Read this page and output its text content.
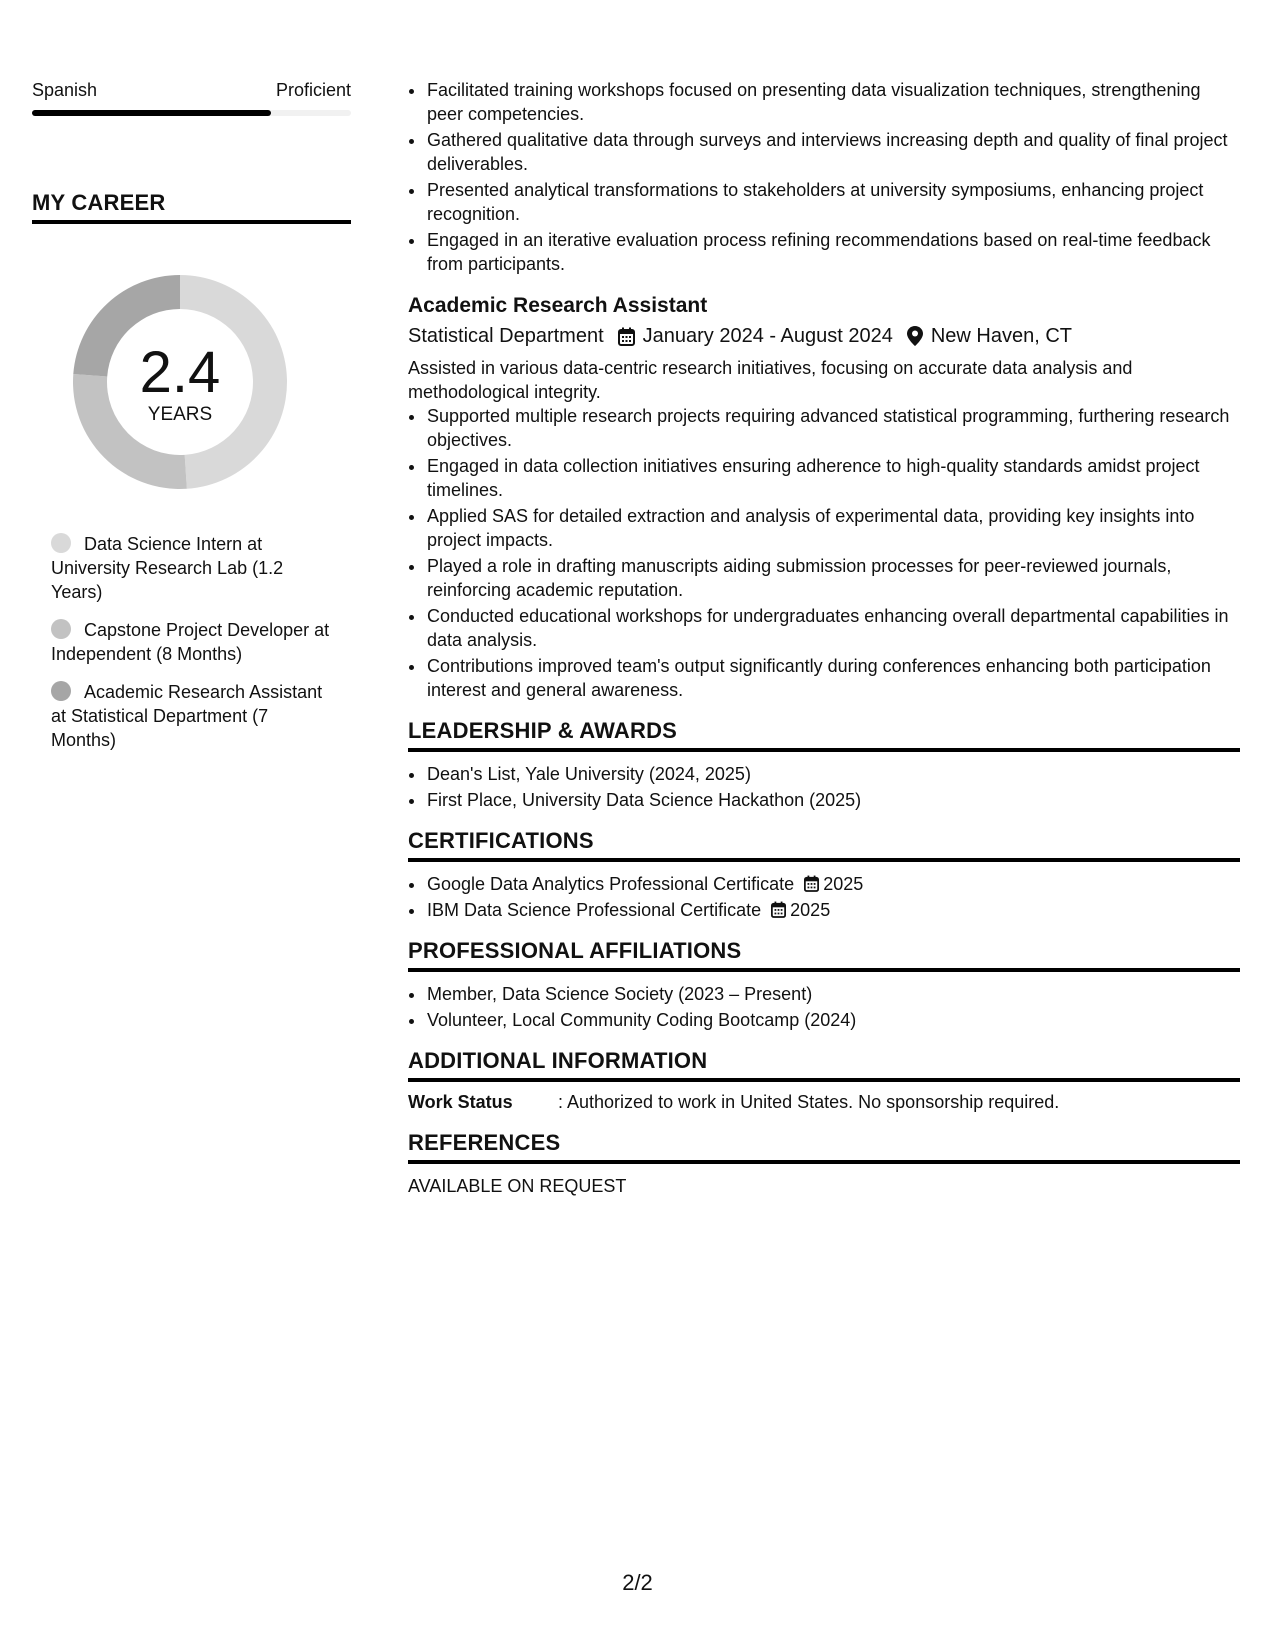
Spanish	Proficient
MY CAREER
2.4
YEARS
Data Science Intern at University Research Lab (1.2 Years)
Capstone Project Developer at Independent (8 Months)
Academic Research Assistant at Statistical Department (7 Months)
• Facilitated training workshops focused on presenting data visualization techniques, strengthening peer competencies.
• Gathered qualitative data through surveys and interviews increasing depth and quality of final project deliverables.
• Presented analytical transformations to stakeholders at university symposiums, enhancing project recognition.
• Engaged in an iterative evaluation process refining recommendations based on real-time feedback from participants.
Academic Research Assistant
Statistical Department January 2024 - August 2024 New Haven, CT
Assisted in various data-centric research initiatives, focusing on accurate data analysis and methodological integrity.
• Supported multiple research projects requiring advanced statistical programming, furthering research objectives.
• Engaged in data collection initiatives ensuring adherence to high-quality standards amidst project timelines.
• Applied SAS for detailed extraction and analysis of experimental data, providing key insights into project impacts.
• Played a role in drafting manuscripts aiding submission processes for peer-reviewed journals, reinforcing academic reputation.
• Conducted educational workshops for undergraduates enhancing overall departmental capabilities in data analysis.
• Contributions improved team's output significantly during conferences enhancing both participation interest and general awareness.
LEADERSHIP & AWARDS
• Dean's List, Yale University (2024, 2025)
• First Place, University Data Science Hackathon (2025)
CERTIFICATIONS
• Google Data Analytics Professional Certificate 2025
• IBM Data Science Professional Certificate 2025
PROFESSIONAL AFFILIATIONS
• Member, Data Science Society (2023 – Present)
• Volunteer, Local Community Coding Bootcamp (2024)
ADDITIONAL INFORMATION
Work Status	: Authorized to work in United States. No sponsorship required.
REFERENCES
AVAILABLE ON REQUEST
2/2
